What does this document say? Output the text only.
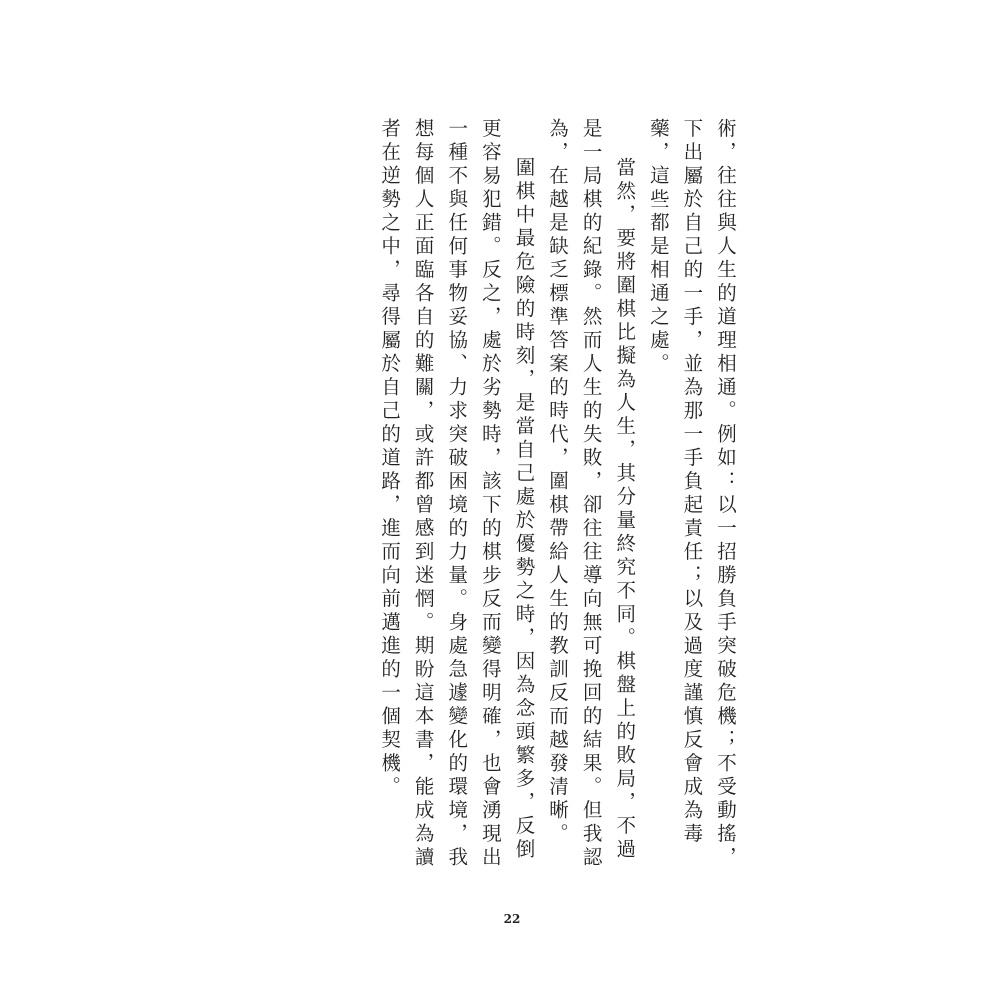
術，往往與人生的道理相通。例如：以一招勝負手突破危機；不受動搖，下出屬於自己的一手，並為那一手負起責任；以及過度謹慎反會成為毒藥，這些都是相通之處。

當然，要將圍棋比擬為人生，其分量終究不同。棋盤上的敗局，不過是一局棋的紀錄。然而人生的失敗，卻往往導向無可挽回的結果。但我認為，在越是缺乏標準答案的時代，圍棋帶給人生的教訓反而越發清晰。

圍棋中最危險的時刻，是當自己處於優勢之時，因為念頭繁多，反倒更容易犯錯。反之，處於劣勢時，該下的棋步反而變得明確，也會湧現出一種不與任何事物妥協、力求突破困境的力量。身處急遽變化的環境，我想每個人正面臨各自的難關，或許都曾感到迷惘。期盼這本書，能成為讀者在逆勢之中，尋得屬於自己的道路，進而向前邁進的一個契機。

22
